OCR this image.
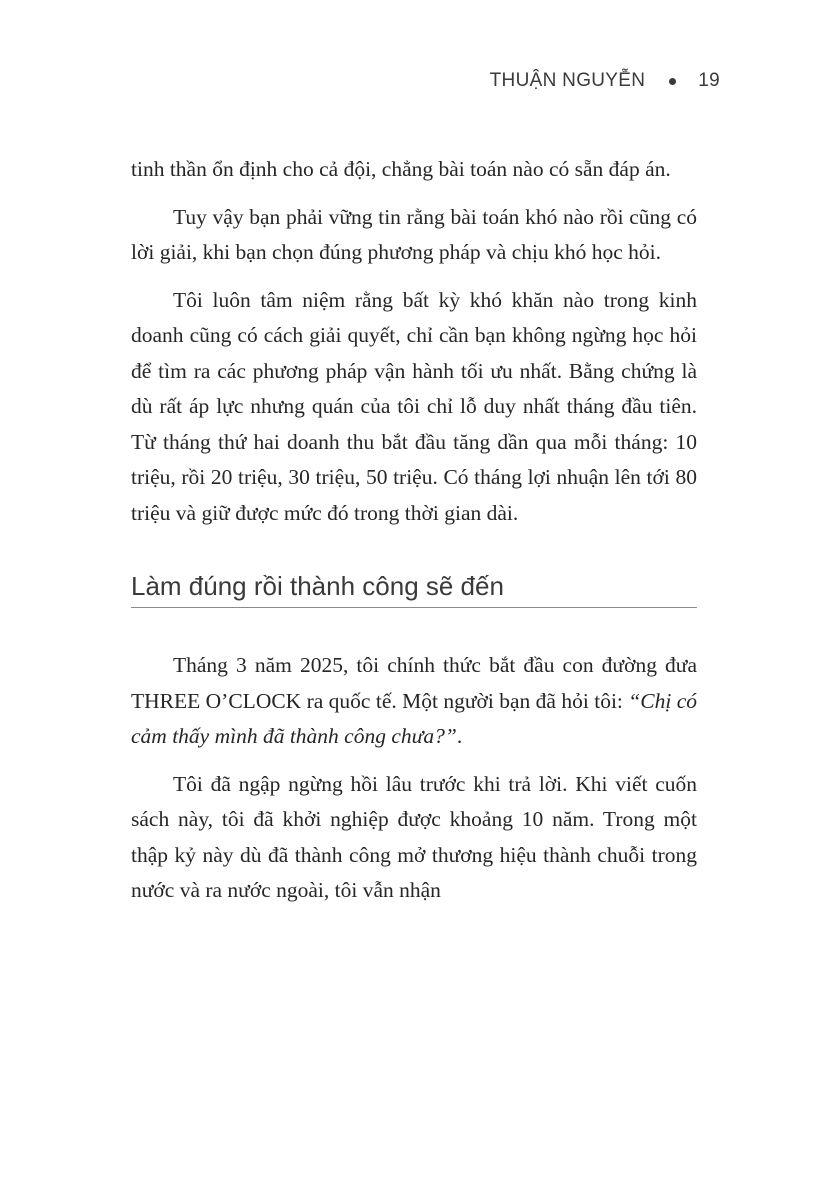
THUẬN NGUYỄN	19

tinh thần ổn định cho cả đội, chẳng bài toán nào có sẵn đáp án.

Tuy vậy bạn phải vững tin rằng bài toán khó nào rồi cũng có lời giải, khi bạn chọn đúng phương pháp và chịu khó học hỏi.

Tôi luôn tâm niệm rằng bất kỳ khó khăn nào trong kinh doanh cũng có cách giải quyết, chỉ cần bạn không ngừng học hỏi để tìm ra các phương pháp vận hành tối ưu nhất. Bằng chứng là dù rất áp lực nhưng quán của tôi chỉ lỗ duy nhất tháng đầu tiên. Từ tháng thứ hai doanh thu bắt đầu tăng dần qua mỗi tháng: 10 triệu, rồi 20 triệu, 30 triệu, 50 triệu. Có tháng lợi nhuận lên tới 80 triệu và giữ được mức đó trong thời gian dài.

Làm đúng rồi thành công sẽ đến

Tháng 3 năm 2025, tôi chính thức bắt đầu con đường đưa THREE O’CLOCK ra quốc tế. Một người bạn đã hỏi tôi: “Chị có cảm thấy mình đã thành công chưa?”.

Tôi đã ngập ngừng hồi lâu trước khi trả lời. Khi viết cuốn sách này, tôi đã khởi nghiệp được khoảng 10 năm. Trong một thập kỷ này dù đã thành công mở thương hiệu thành chuỗi trong nước và ra nước ngoài, tôi vẫn nhận
